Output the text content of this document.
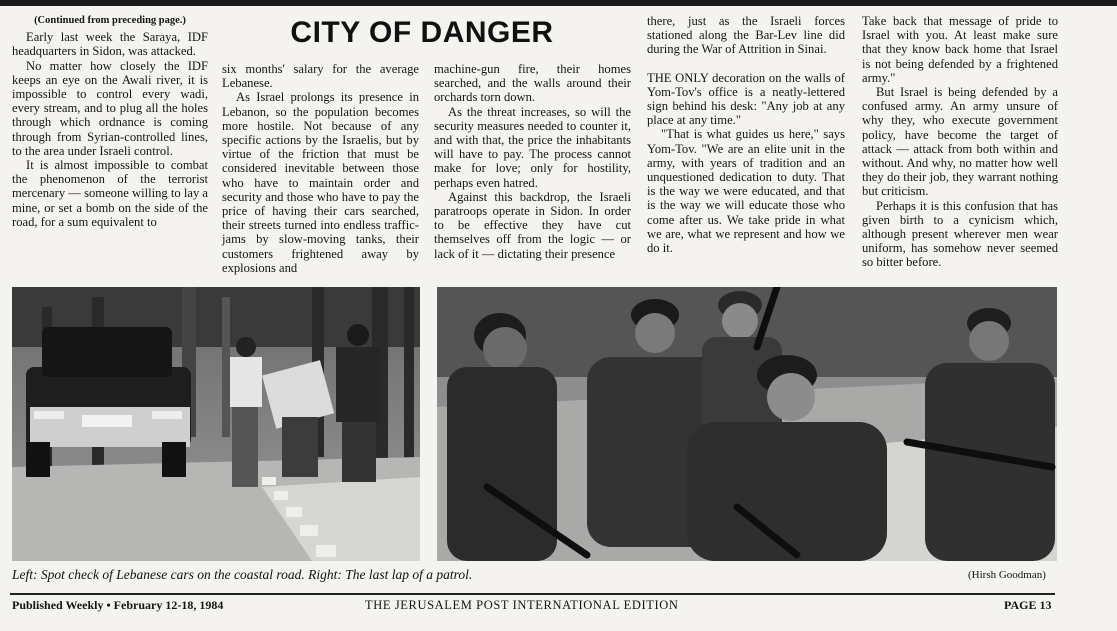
(Continued from preceding page.)

Early last week the Saraya, IDF headquarters in Sidon, was attacked.

No matter how closely the IDF keeps an eye on the Awali river, it is impossible to control every wadi, every stream, and to plug all the holes through which ordnance is coming through from Syrian-controlled lines, to the area under Israeli control.

It is almost impossible to combat the phenomenon of the terrorist mercenary — someone willing to lay a mine, or set a bomb on the side of the road, for a sum equivalent to

CITY OF DANGER

six months' salary for the average Lebanese.

As Israel prolongs its presence in Lebanon, so the population becomes more hostile. Not because of any specific actions by the Israelis, but by virtue of the friction that must be considered inevitable between those who have to maintain order and security and those who have to pay the price of having their cars searched, their streets turned into endless traffic-jams by slow-moving tanks, their customers frightened away by explosions and

machine-gun fire, their homes searched, and the walls around their orchards torn down.

As the threat increases, so will the security measures needed to counter it, and with that, the price the inhabitants will have to pay. The process cannot make for love; only for hostility, perhaps even hatred.

Against this backdrop, the Israeli paratroops operate in Sidon. In order to be effective they have cut themselves off from the logic — or lack of it — dictating their presence

there, just as the Israeli forces stationed along the Bar-Lev line did during the War of Attrition in Sinai.

THE ONLY decoration on the walls of Yom-Tov's office is a neatly-lettered sign behind his desk: "Any job at any place at any time."

"That is what guides us here," says Yom-Tov. "We are an elite unit in the army, with years of tradition and an unquestioned dedication to duty. That is the way we were educated, and that is the way we will educate those who come after us. We take pride in what we are, what we represent and how we do it.

Take back that message of pride to Israel with you. At least make sure that they know back home that Israel is not being defended by a frightened army."

But Israel is being defended by a confused army. An army unsure of why they, who execute government policy, have become the target of attack — attack from both within and without. And why, no matter how well they do their job, they warrant nothing but criticism.

Perhaps it is this confusion that has given birth to a cynicism which, although present wherever men wear uniform, has somehow never seemed so bitter before.

Left: Spot check of Lebanese cars on the coastal road. Right: The last lap of a patrol.	(Hirsh Goodman)
Published Weekly • February 12-18, 1984	THE JERUSALEM POST INTERNATIONAL EDITION	PAGE 13
